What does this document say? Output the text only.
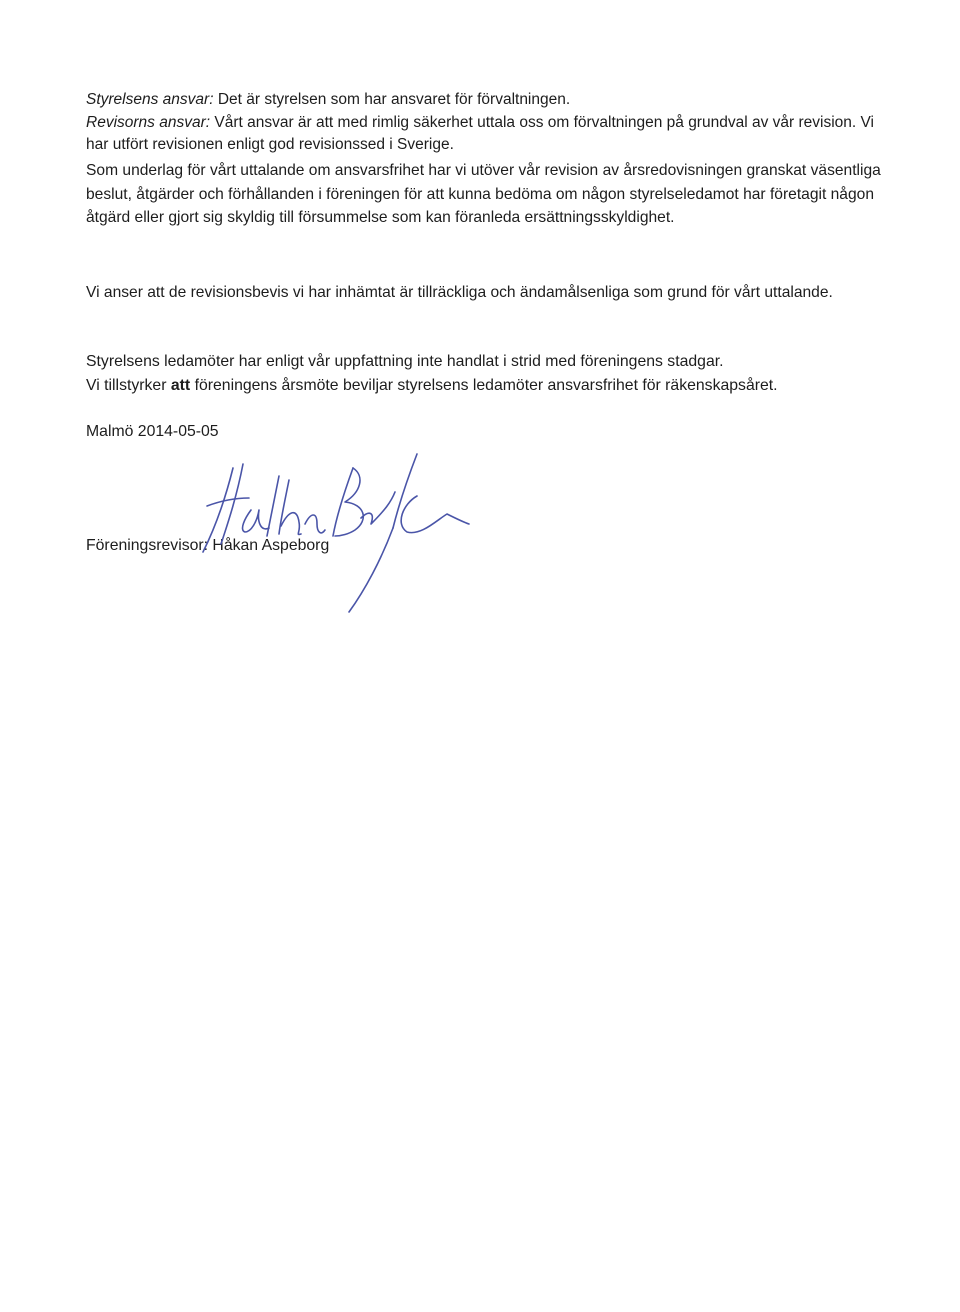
Styrelsens ansvar: Det är styrelsen som har ansvaret för förvaltningen.

Revisorns ansvar: Vårt ansvar är att med rimlig säkerhet uttala oss om förvaltningen på grundval av vår revision. Vi har utfört revisionen enligt god revisionssed i Sverige.

Som underlag för vårt uttalande om ansvarsfrihet har vi utöver vår revision av årsredovisningen granskat väsentliga beslut, åtgärder och förhållanden i föreningen för att kunna bedöma om någon styrelseledamot har företagit någon åtgärd eller gjort sig skyldig till försummelse som kan föranleda ersättningsskyldighet.

Vi anser att de revisionsbevis vi har inhämtat är tillräckliga och ändamålsenliga som grund för vårt uttalande.

Styrelsens ledamöter har enligt vår uppfattning inte handlat i strid med föreningens stadgar.

Vi tillstyrker att föreningens årsmöte beviljar styrelsens ledamöter ansvarsfrihet för räkenskapsåret.

Malmö 2014-05-05
Föreningsrevisor: Håkan Aspeborg
